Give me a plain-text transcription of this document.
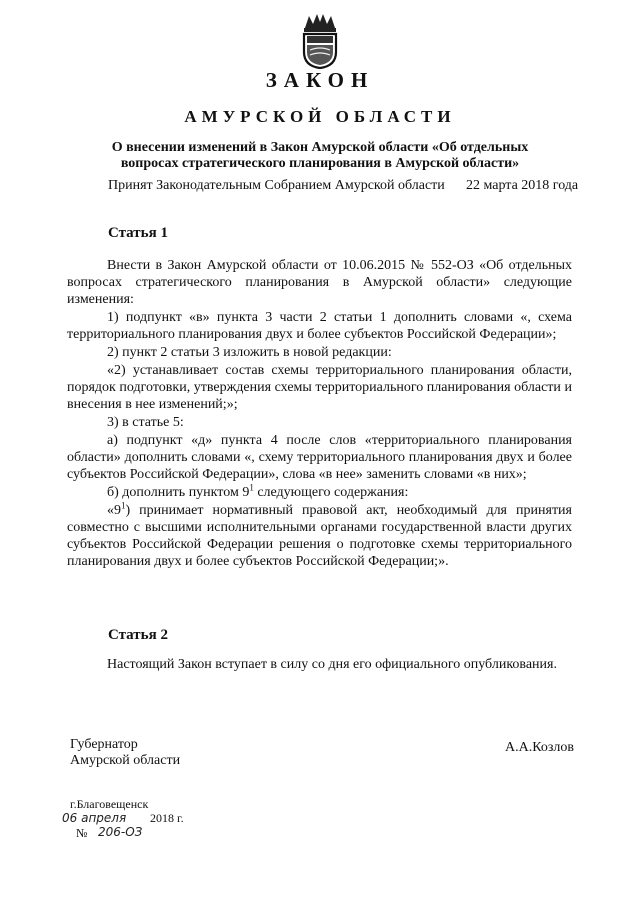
ЗАКОН
АМУРСКОЙ ОБЛАСТИ
О внесении изменений в Закон Амурской области «Об отдельных
вопросах стратегического планирования в Амурской области»
Принят Законодательным Собранием Амурской области 22 марта 2018 года
Статья 1

Внести в Закон Амурской области от 10.06.2015 № 552-ОЗ «Об отдельных вопросах стратегического планирования в Амурской области» следующие изменения:

1) подпункт «в» пункта 3 части 2 статьи 1 дополнить словами «, схема территориального планирования двух и более субъектов Российской Федерации»;

2) пункт 2 статьи 3 изложить в новой редакции:

«2) устанавливает состав схемы территориального планирования области, порядок подготовки, утверждения схемы территориального планирования области и внесения в нее изменений;»;

3) в статье 5:

а) подпункт «д» пункта 4 после слов «территориального планирования области» дополнить словами «, схему территориального планирования двух и более субъектов Российской Федерации», слова «в нее» заменить словами «в них»;

б) дополнить пунктом $9^1$ следующего содержания:

«$9^1$) принимает нормативный правовой акт, необходимый для принятия совместно с высшими исполнительными органами государственной власти других субъектов Российской Федерации решения о подготовке схемы территориального планирования двух и более субъектов Российской Федерации;».

Статья 2

Настоящий Закон вступает в силу со дня его официального опубликования.

Губернатор
Амурской области
А.А.Козлов
г.Благовещенск
06 апреля 2018 г.
№ 206-ОЗ
